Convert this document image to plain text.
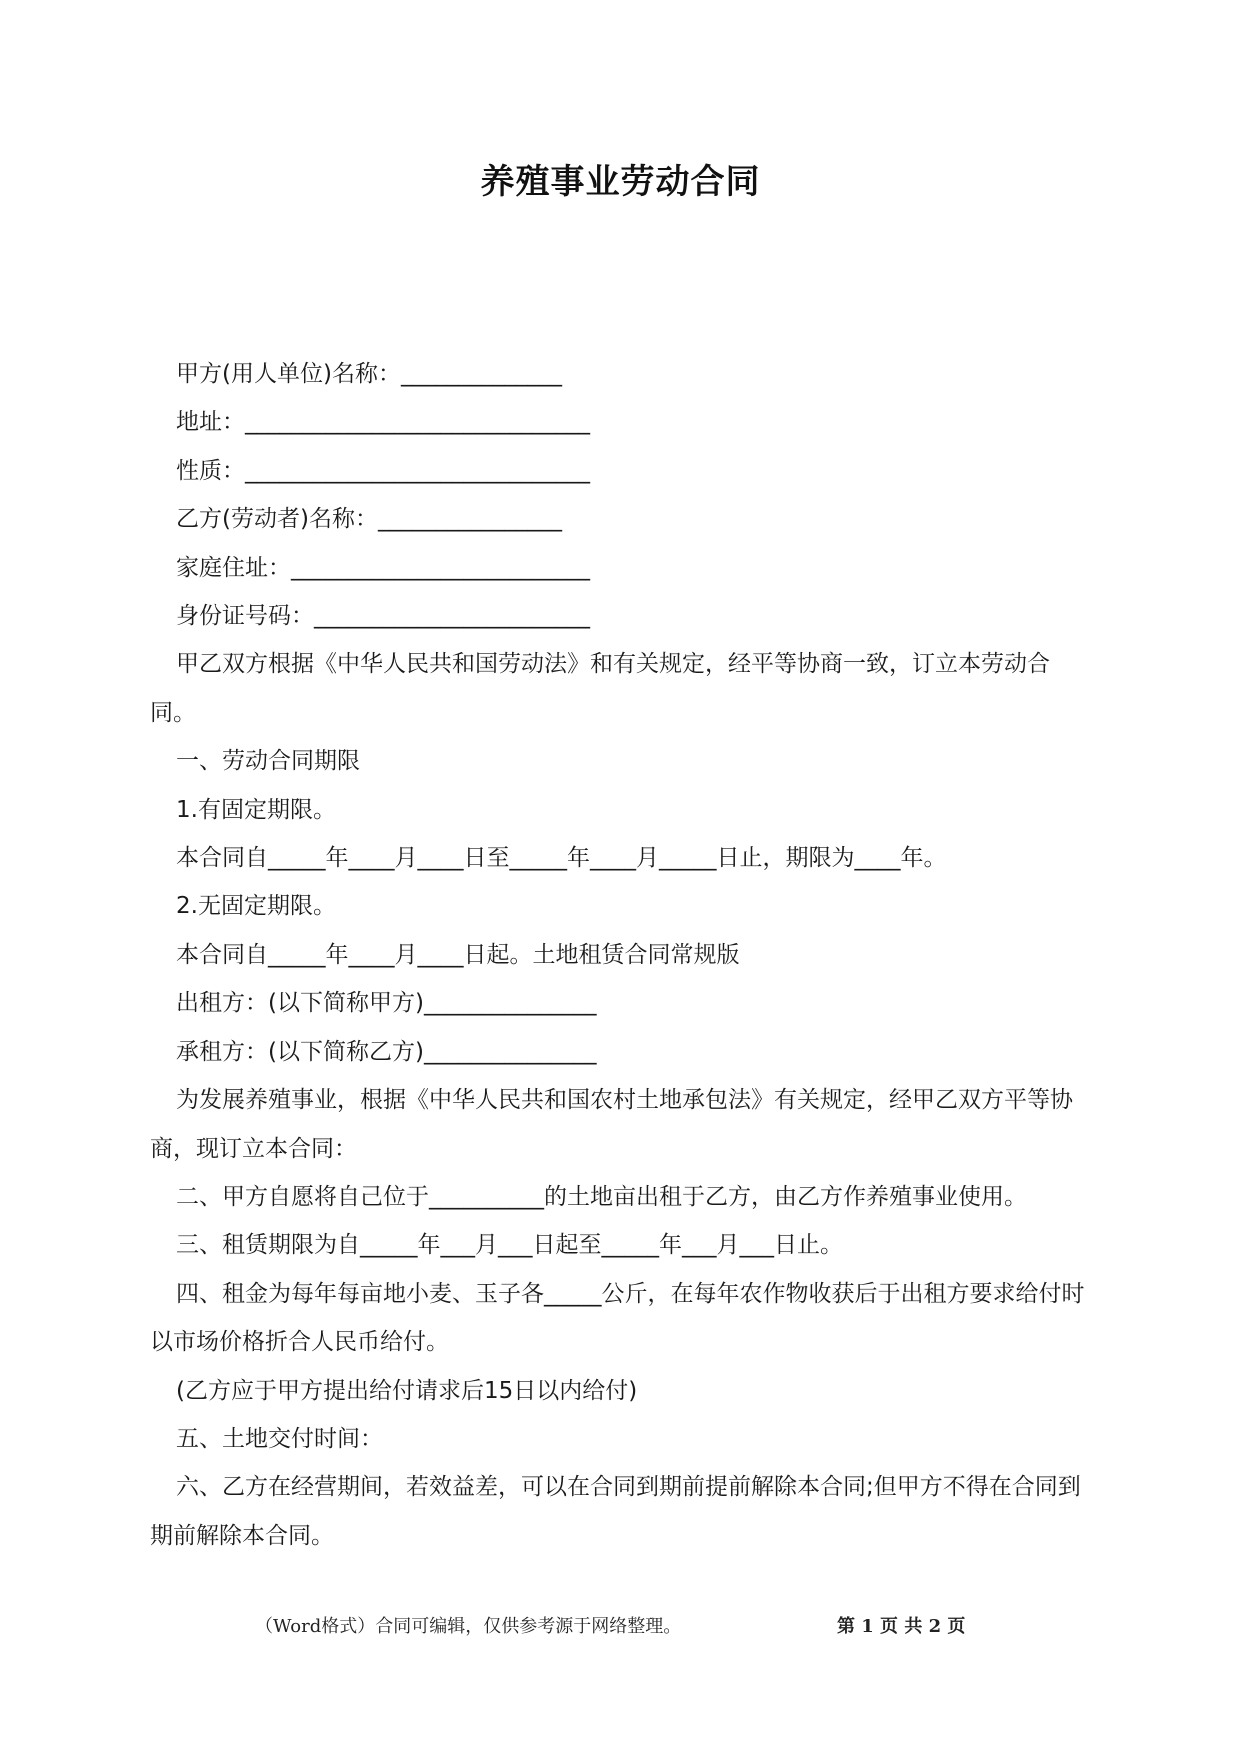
养殖事业劳动合同

甲方(用人单位)名称：______________

地址：______________________________

性质：______________________________

乙方(劳动者)名称：________________

家庭住址：__________________________

身份证号码：________________________

甲乙双方根据《中华人民共和国劳动法》和有关规定，经平等协商一致，订立本劳动合同。

一、劳动合同期限

1.有固定期限。

本合同自_____年____月____日至_____年____月_____日止，期限为____年。

2.无固定期限。

本合同自_____年____月____日起。土地租赁合同常规版

出租方：(以下简称甲方)_______________

承租方：(以下简称乙方)_______________

为发展养殖事业，根据《中华人民共和国农村土地承包法》有关规定，经甲乙双方平等协商，现订立本合同：

二、甲方自愿将自己位于__________的土地亩出租于乙方，由乙方作养殖事业使用。

三、租赁期限为自_____年___月___日起至_____年___月___日止。

四、租金为每年每亩地小麦、玉子各_____公斤，在每年农作物收获后于出租方要求给付时以市场价格折合人民币给付。

(乙方应于甲方提出给付请求后15日以内给付)

五、土地交付时间：

六、乙方在经营期间，若效益差，可以在合同到期前提前解除本合同;但甲方不得在合同到期前解除本合同。

（Word格式）合同可编辑，仅供参考源于网络整理。	第 1 页 共 2 页
